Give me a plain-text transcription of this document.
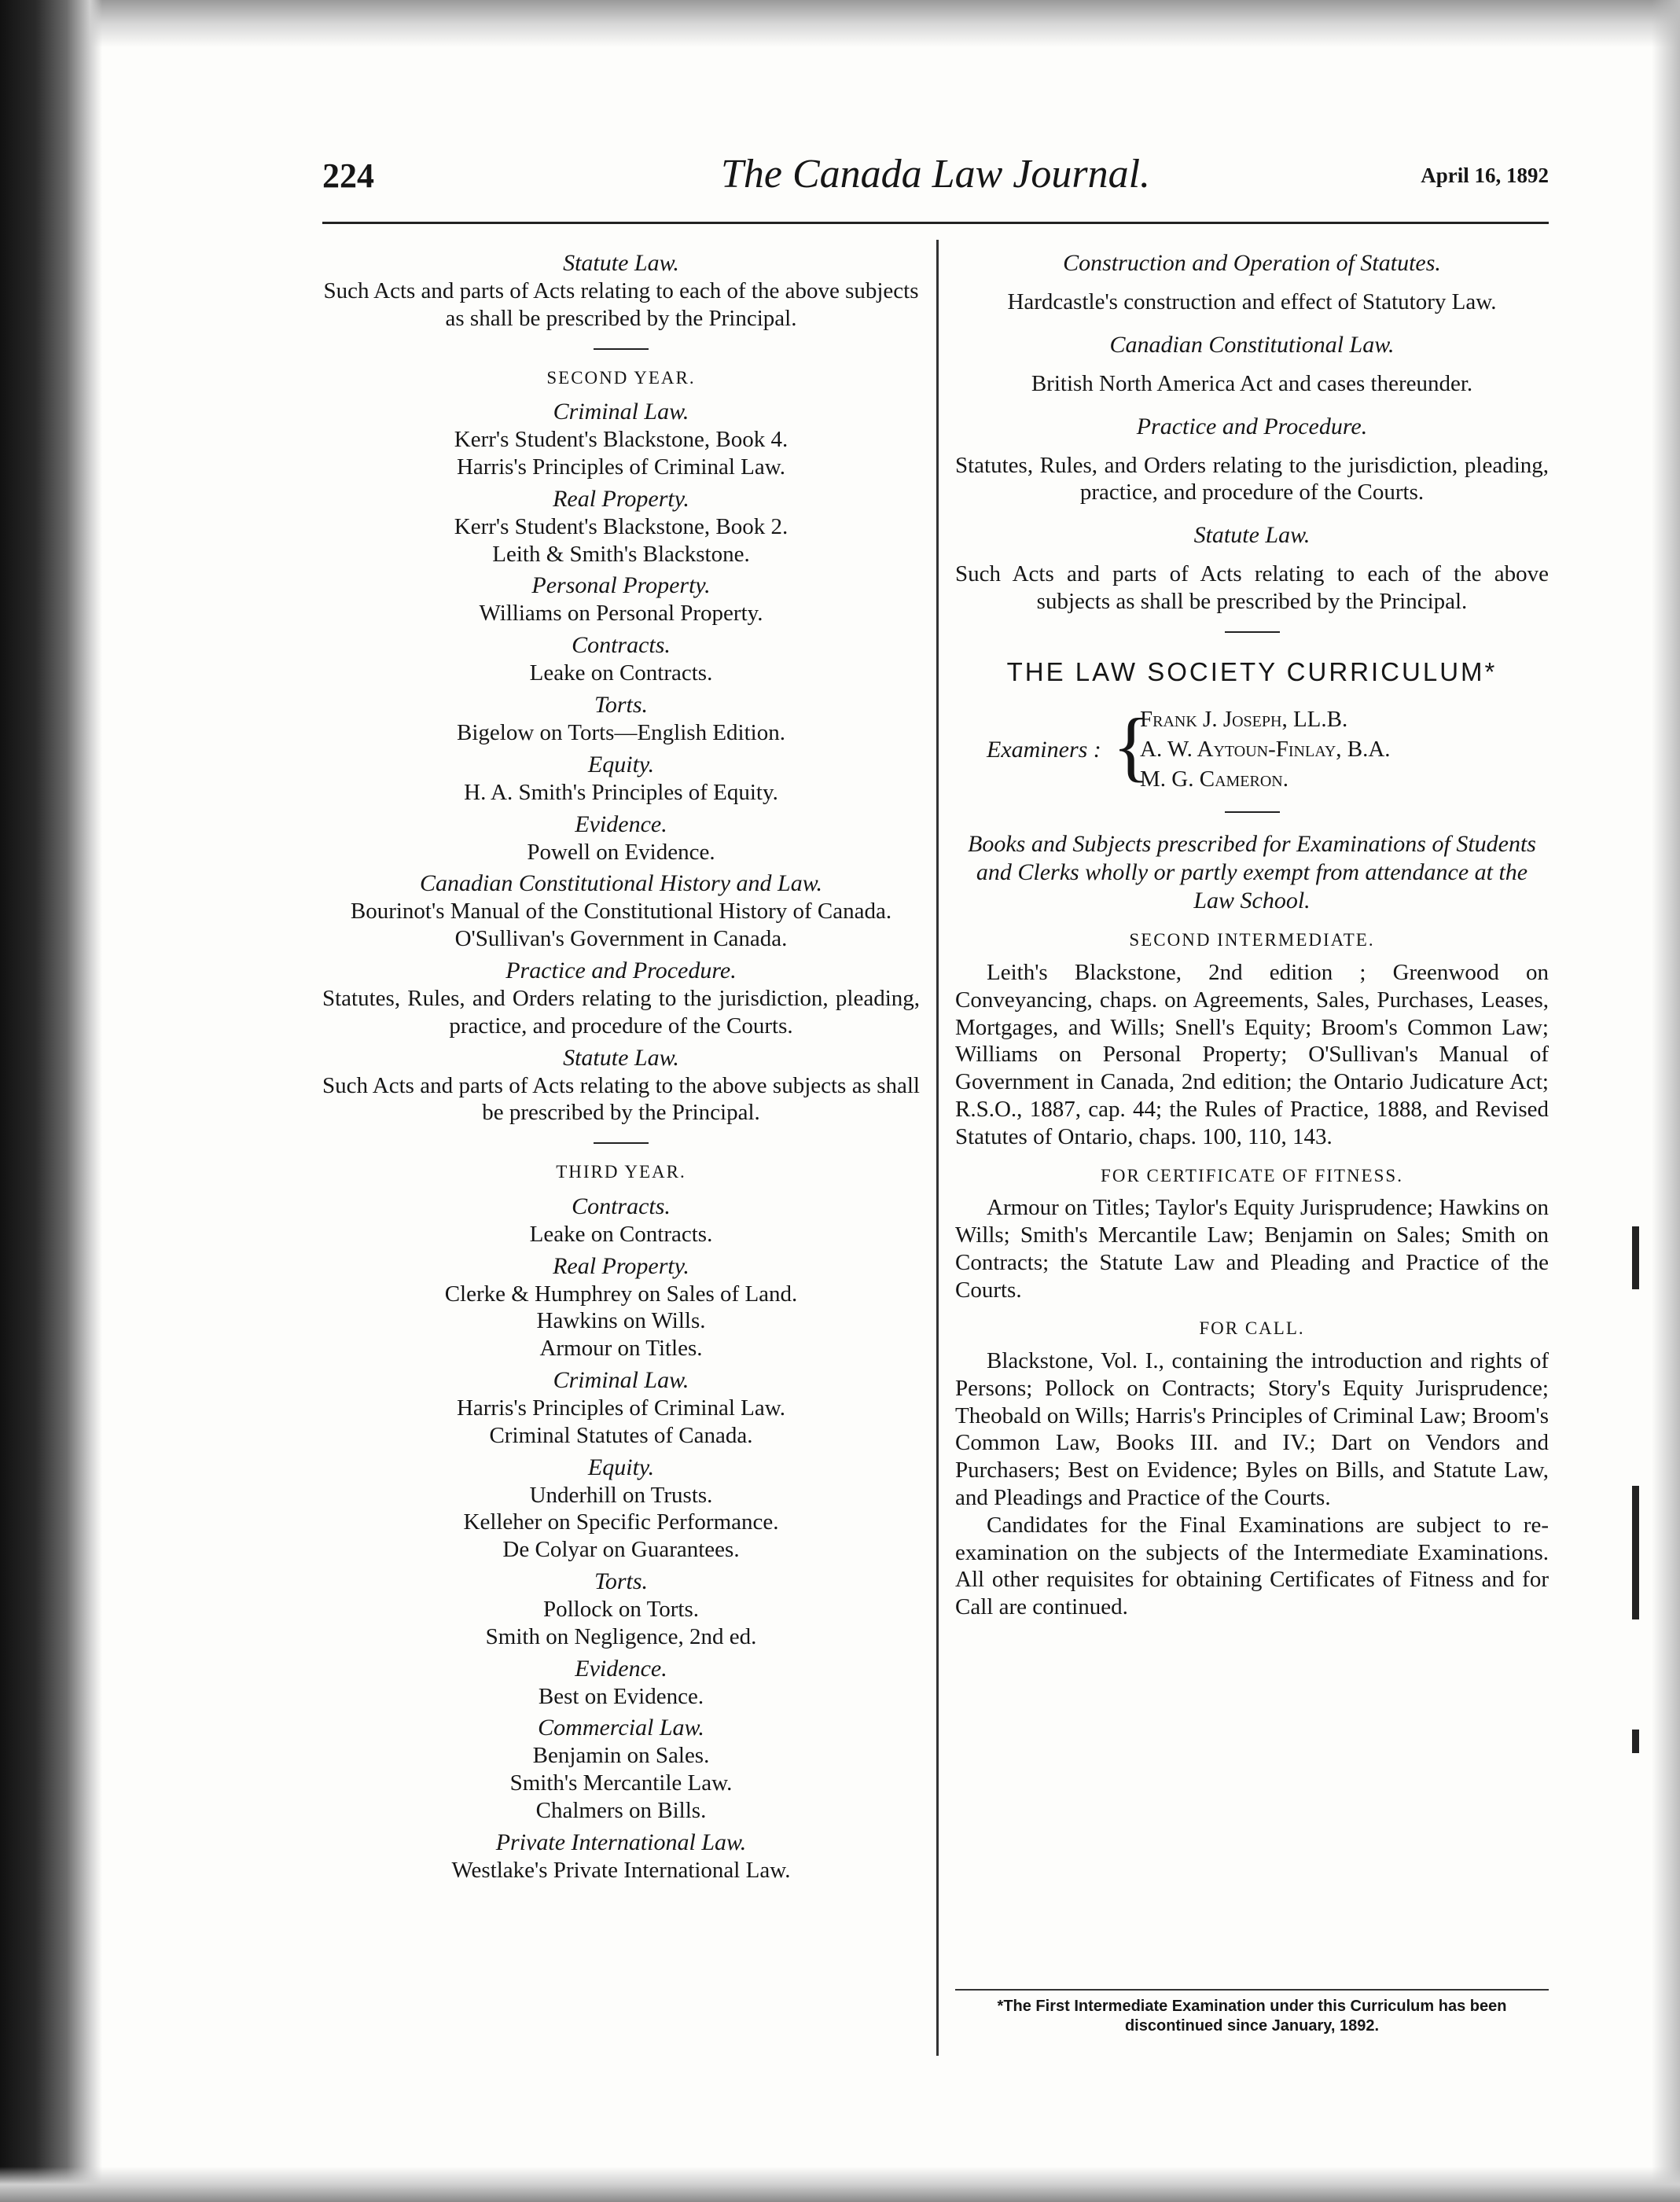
224	The Canada Law Journal.	April 16, 1892
Statute Law.
Such Acts and parts of Acts relating to each of the above subjects as shall be prescribed by the Principal.
SECOND YEAR.
Criminal Law.
Kerr's Student's Blackstone, Book 4.
Harris's Principles of Criminal Law.
Real Property.
Kerr's Student's Blackstone, Book 2.
Leith & Smith's Blackstone.
Personal Property.
Williams on Personal Property.
Contracts.
Leake on Contracts.
Torts.
Bigelow on Torts—English Edition.
Equity.
H. A. Smith's Principles of Equity.
Evidence.
Powell on Evidence.
Canadian Constitutional History and Law.
Bourinot's Manual of the Constitutional History of Canada.
O'Sullivan's Government in Canada.
Practice and Procedure.
Statutes, Rules, and Orders relating to the jurisdiction, pleading, practice, and procedure of the Courts.
Statute Law.
Such Acts and parts of Acts relating to the above subjects as shall be prescribed by the Principal.
THIRD YEAR.
Contracts.
Leake on Contracts.
Real Property.
Clerke & Humphrey on Sales of Land.
Hawkins on Wills.
Armour on Titles.
Criminal Law.
Harris's Principles of Criminal Law.
Criminal Statutes of Canada.
Equity.
Underhill on Trusts.
Kelleher on Specific Performance.
De Colyar on Guarantees.
Torts.
Pollock on Torts.
Smith on Negligence, 2nd ed.
Evidence.
Best on Evidence.
Commercial Law.
Benjamin on Sales.
Smith's Mercantile Law.
Chalmers on Bills.
Private International Law.
Westlake's Private International Law.
Construction and Operation of Statutes.
Hardcastle's construction and effect of Statutory Law.
Canadian Constitutional Law.
British North America Act and cases thereunder.
Practice and Procedure.
Statutes, Rules, and Orders relating to the jurisdiction, pleading, practice, and procedure of the Courts.
Statute Law.
Such Acts and parts of Acts relating to each of the above subjects as shall be prescribed by the Principal.
THE LAW SOCIETY CURRICULUM*
Examiners : {
Frank J. Joseph, LL.B.
A. W. Aytoun-Finlay, B.A.
M. G. Cameron.
Books and Subjects prescribed for Examinations of Students and Clerks wholly or partly exempt from attendance at the Law School.
SECOND INTERMEDIATE.
Leith's Blackstone, 2nd edition ; Greenwood on Conveyancing, chaps. on Agreements, Sales, Purchases, Leases, Mortgages, and Wills; Snell's Equity; Broom's Common Law; Williams on Personal Property; O'Sullivan's Manual of Government in Canada, 2nd edition; the Ontario Judicature Act; R.S.O., 1887, cap. 44; the Rules of Practice, 1888, and Revised Statutes of Ontario, chaps. 100, 110, 143.
FOR CERTIFICATE OF FITNESS.
Armour on Titles; Taylor's Equity Jurisprudence; Hawkins on Wills; Smith's Mercantile Law; Benjamin on Sales; Smith on Contracts; the Statute Law and Pleading and Practice of the Courts.
FOR CALL.
Blackstone, Vol. I., containing the introduction and rights of Persons; Pollock on Contracts; Story's Equity Jurisprudence; Theobald on Wills; Harris's Principles of Criminal Law; Broom's Common Law, Books III. and IV.; Dart on Vendors and Purchasers; Best on Evidence; Byles on Bills, and Statute Law, and Pleadings and Practice of the Courts.
Candidates for the Final Examinations are subject to re-examination on the subjects of the Intermediate Examinations. All other requisites for obtaining Certificates of Fitness and for Call are continued.
*The First Intermediate Examination under this Curriculum has been discontinued since January, 1892.
